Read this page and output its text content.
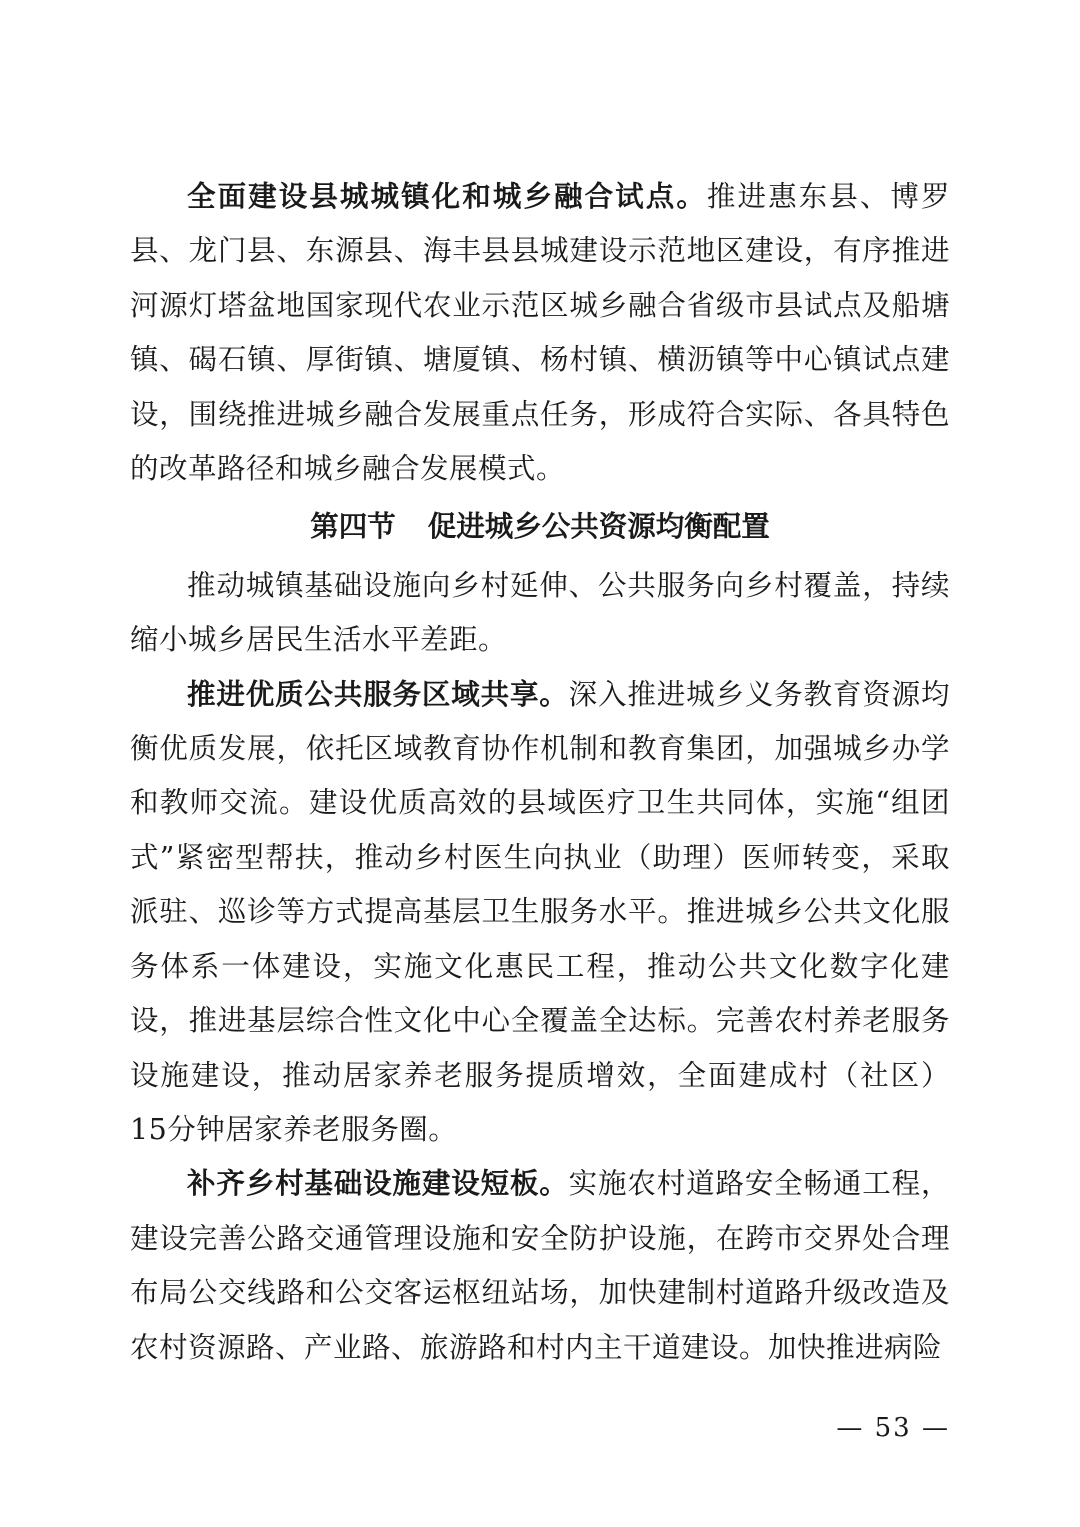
全面建设县城城镇化和城乡融合试点。推进惠东县、博罗县、龙门县、东源县、海丰县县城建设示范地区建设，有序推进河源灯塔盆地国家现代农业示范区城乡融合省级市县试点及船塘镇、碣石镇、厚街镇、塘厦镇、杨村镇、横沥镇等中心镇试点建设，围绕推进城乡融合发展重点任务，形成符合实际、各具特色的改革路径和城乡融合发展模式。

第四节 促进城乡公共资源均衡配置

推动城镇基础设施向乡村延伸、公共服务向乡村覆盖，持续缩小城乡居民生活水平差距。

推进优质公共服务区域共享。深入推进城乡义务教育资源均衡优质发展，依托区域教育协作机制和教育集团，加强城乡办学和教师交流。建设优质高效的县域医疗卫生共同体，实施“组团式”紧密型帮扶，推动乡村医生向执业（助理）医师转变，采取派驻、巡诊等方式提高基层卫生服务水平。推进城乡公共文化服务体系一体建设，实施文化惠民工程，推动公共文化数字化建设，推进基层综合性文化中心全覆盖全达标。完善农村养老服务设施建设，推动居家养老服务提质增效，全面建成村（社区）15分钟居家养老服务圈。

补齐乡村基础设施建设短板。实施农村道路安全畅通工程，建设完善公路交通管理设施和安全防护设施，在跨市交界处合理布局公交线路和公交客运枢纽站场，加快建制村道路升级改造及农村资源路、产业路、旅游路和村内主干道建设。加快推进病险

— 53 —
